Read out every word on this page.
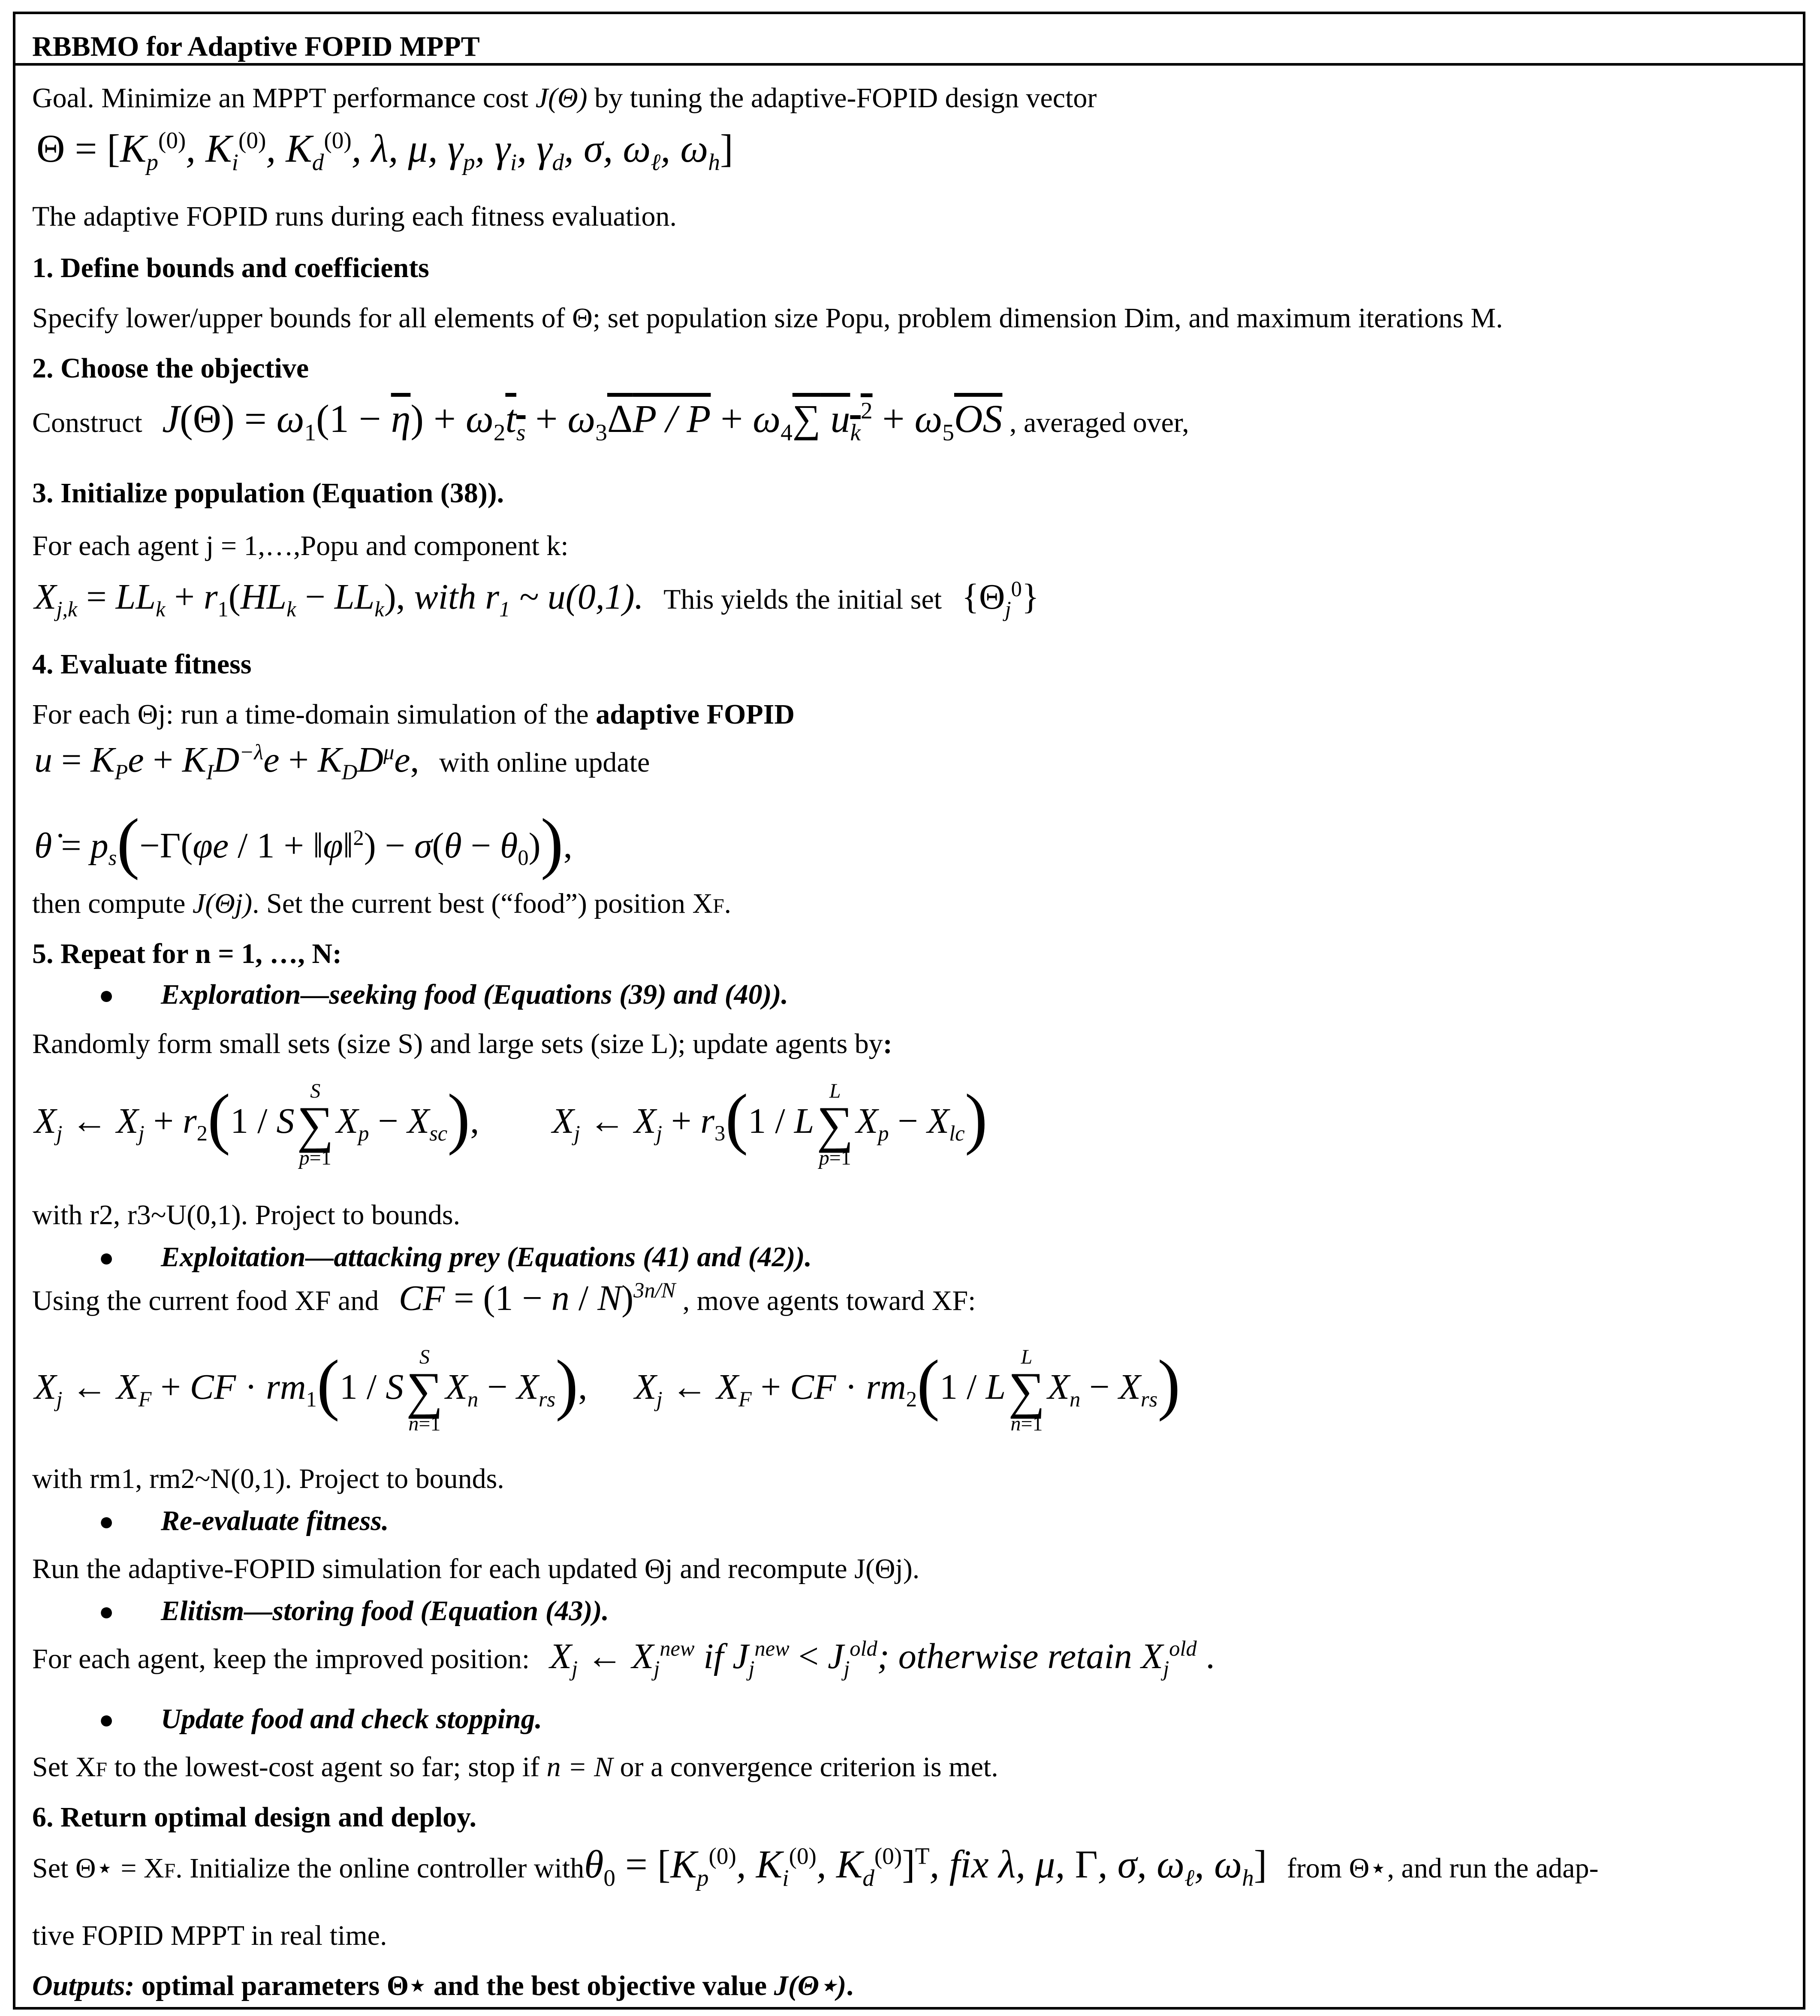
RBBMO for Adaptive FOPID MPPT
Goal. Minimize an MPPT performance cost J(Θ) by tuning the adaptive-FOPID design vector
$\Theta = [K_p^{(0)}$, $K_i^{(0)}$, $K_d^{(0)}$, λ, μ, $\gamma_p$, $\gamma_i$, $\gamma_d$, σ, $\omega_\ell$, $\omega_h$]
The adaptive FOPID runs during each fitness evaluation.
1. Define bounds and coefficients
Specify lower/upper bounds for all elements of Θ; set population size Popu, problem dimension Dim, and maximum iterations M.
2. Choose the objective
Construct $J(\Theta) = \omega_1(1 - \overline{\eta}) + \omega_2t_s + \omega_3\Delta P / P + \omega_4\sum$ $u_k^2 + \omega_5\overline{OS}$ , averaged over,
3. Initialize population (Equation (38)).
For each agent j = 1,…,Popu and component k:
$X_{j,k} = LL_k + r_1(HL_k - LL_k)$, with $r_1$ ~ u(0,1). This yields the initial set $\{\Theta_j^0\}$
4. Evaluate fitness
For each Θj: run a time-domain simulation of the adaptive FOPID
$u = K_Pe + K_ID^{-\lambda}e + K_DD^\mu e$, with online update
θ̇ = $p_s(-\Gamma(\varphi e / 1$ + ‖φ‖$^2$) − $\sigma(\theta - \theta_0)$),
then compute J(Θj). Set the current best (“food”) position XF.
5. Repeat for n = 1, …, N:
● Exploration—seeking food (Equations (39) and (40)).
Randomly form small sets (size S) and large sets (size L); update agents by:
$X_j$ ← $X_j + r_2(1 / S$
S
∑
p=1
$X_p - X_{sc}$), $X_j$ ← $X_j + r_3(1 / L$
L
∑
p=1
$X_p - X_{lc}$)
with r2, r3~U(0,1). Project to bounds.
● Exploitation—attacking prey (Equations (41) and (42)).
Using the current food XF and CF = $(1 - n / N)^{3n/N}$ , move agents toward XF:
$X_j$ ← $X_F$ + CF · $rm_1(1$ / S
S
∑
n=1
$X_n - X_{rs}$), $X_j$ ← $X_F$ + CF · $rm_2(1$ / L
L
∑
n=1
$X_n - X_{rs}$)
with rm1, rm2~N(0,1). Project to bounds.
● Re-evaluate fitness.
Run the adaptive-FOPID simulation for each updated Θj and recompute J(Θj).
● Elitism—storing food (Equation (43)).
For each agent, keep the improved position: $X_j$ ← $X_j^{new}$ if $J_j^{new} < J_j^{old}$; otherwise retain $X_j^{old}$ .
● Update food and check stopping.
Set XF to the lowest-cost agent so far; stop if n = N or a convergence criterion is met.
6. Return optimal design and deploy.
Set Θ⋆ = XF. Initialize the online controller withθ$_0$ = [$K_p^{(0)}$, $K_i^{(0)}$, $K_d^{(0)}]^T$, fix λ, μ, Γ, σ, $\omega_\ell$, $\omega_h$] from Θ⋆, and run the adap-
tive FOPID MPPT in real time.
Outputs: optimal parameters Θ⋆ and the best objective value J(Θ⋆).
